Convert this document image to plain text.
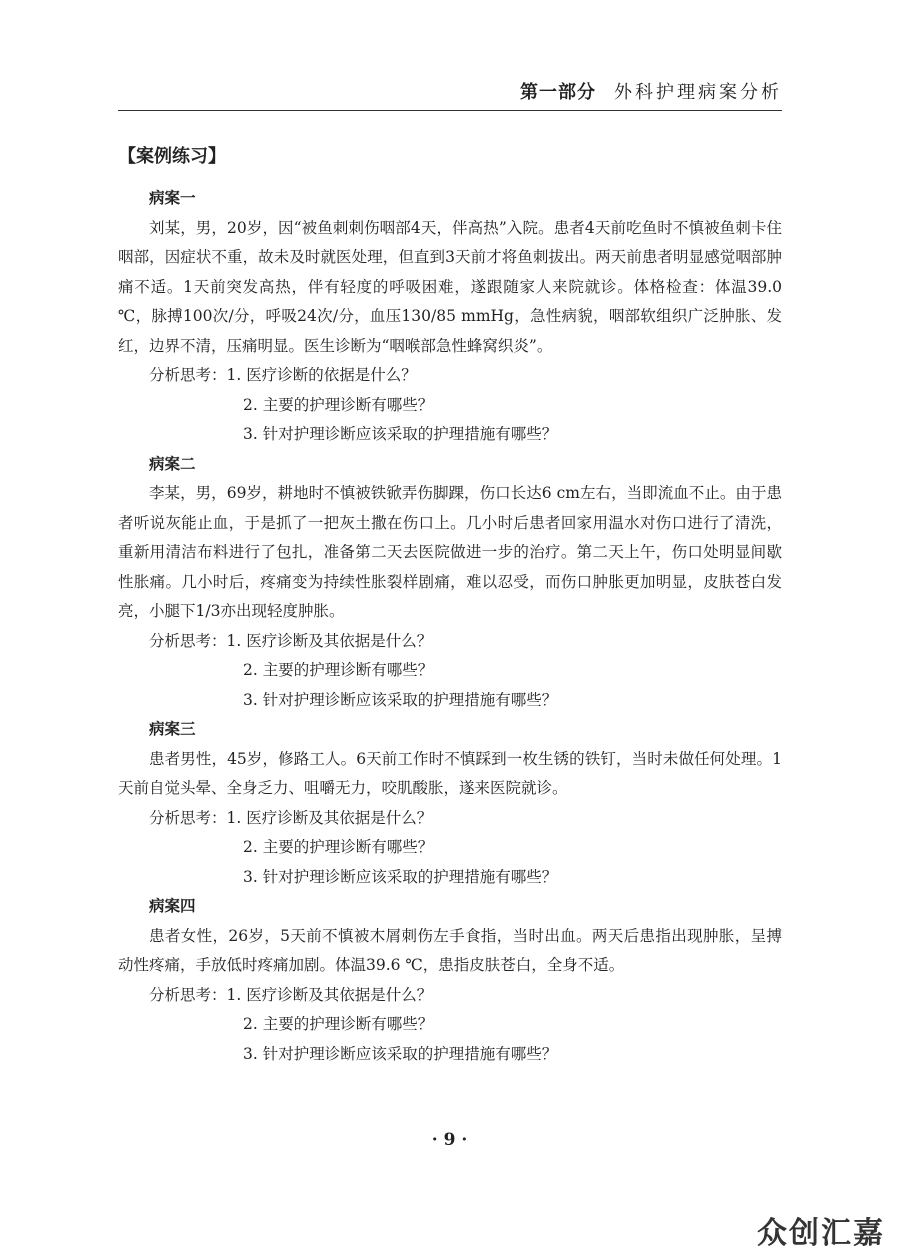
第一部分 外科护理病案分析
【案例练习】
病案一

刘某，男，20岁，因“被鱼刺刺伤咽部4天，伴高热”入院。患者4天前吃鱼时不慎被鱼刺卡住咽部，因症状不重，故未及时就医处理，但直到3天前才将鱼刺拔出。两天前患者明显感觉咽部肿痛不适。1天前突发高热，伴有轻度的呼吸困难，遂跟随家人来院就诊。体格检查：体温39.0 ℃，脉搏100次/分，呼吸24次/分，血压130/85 mmHg，急性病貌，咽部软组织广泛肿胀、发红，边界不清，压痛明显。医生诊断为“咽喉部急性蜂窝织炎”。

分析思考：1. 医疗诊断的依据是什么？
2. 主要的护理诊断有哪些？
3. 针对护理诊断应该采取的护理措施有哪些？
病案二

李某，男，69岁，耕地时不慎被铁锨弄伤脚踝，伤口长达6 cm左右，当即流血不止。由于患者听说灰能止血，于是抓了一把灰土撒在伤口上。几小时后患者回家用温水对伤口进行了清洗，重新用清洁布料进行了包扎，准备第二天去医院做进一步的治疗。第二天上午，伤口处明显间歇性胀痛。几小时后，疼痛变为持续性胀裂样剧痛，难以忍受，而伤口肿胀更加明显，皮肤苍白发亮，小腿下1/3亦出现轻度肿胀。

分析思考：1. 医疗诊断及其依据是什么？
2. 主要的护理诊断有哪些？
3. 针对护理诊断应该采取的护理措施有哪些？
病案三

患者男性，45岁，修路工人。6天前工作时不慎踩到一枚生锈的铁钉，当时未做任何处理。1天前自觉头晕、全身乏力、咀嚼无力，咬肌酸胀，遂来医院就诊。

分析思考：1. 医疗诊断及其依据是什么？
2. 主要的护理诊断有哪些？
3. 针对护理诊断应该采取的护理措施有哪些？
病案四

患者女性，26岁，5天前不慎被木屑刺伤左手食指，当时出血。两天后患指出现肿胀，呈搏动性疼痛，手放低时疼痛加剧。体温39.6 ℃，患指皮肤苍白，全身不适。

分析思考：1. 医疗诊断及其依据是什么？
2. 主要的护理诊断有哪些？
3. 针对护理诊断应该采取的护理措施有哪些？
· 9 ·
众创汇嘉
